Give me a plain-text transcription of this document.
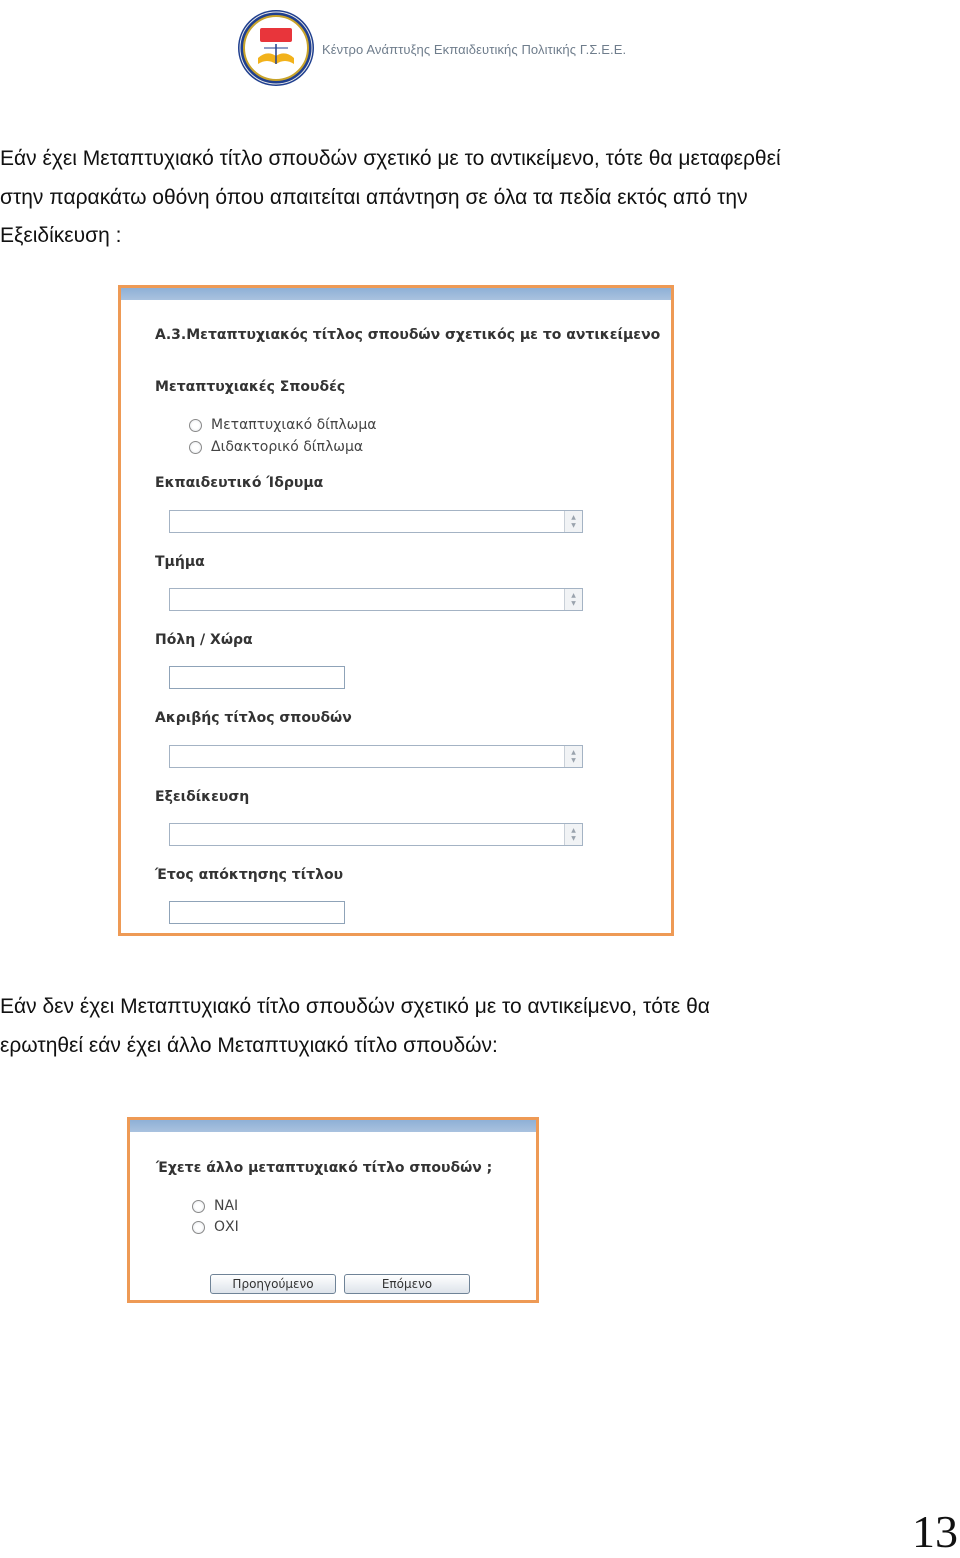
Κέντρο Ανάπτυξης Εκπαιδευτικής Πολιτικής Γ.Σ.Ε.Ε.

Εάν έχει Μεταπτυχιακό τίτλο σπουδών σχετικό με το αντικείμενο, τότε θα μεταφερθεί
στην παρακάτω οθόνη όπου απαιτείται απάντηση σε όλα τα πεδία εκτός από την
Εξειδίκευση :

Α.3.Μεταπτυχιακός τίτλος σπουδών σχετικός με το αντικείμενο
Μεταπτυχιακές Σπουδές
Μεταπτυχιακό δίπλωμα
Διδακτορικό δίπλωμα
Εκπαιδευτικό Ίδρυμα
▲
▼
Τμήμα
▲
▼
Πόλη / Χώρα
Ακριβής τίτλος σπουδών
▲
▼
Εξειδίκευση
▲
▼
Έτος απόκτησης τίτλου

Εάν δεν έχει Μεταπτυχιακό τίτλο σπουδών σχετικό με το αντικείμενο, τότε θα
ερωτηθεί εάν έχει άλλο Μεταπτυχιακό τίτλο σπουδών:

Έχετε άλλο μεταπτυχιακό τίτλο σπουδών ;
ΝΑΙ
ΟΧΙ
Προηγούμενο	Επόμενο
13
